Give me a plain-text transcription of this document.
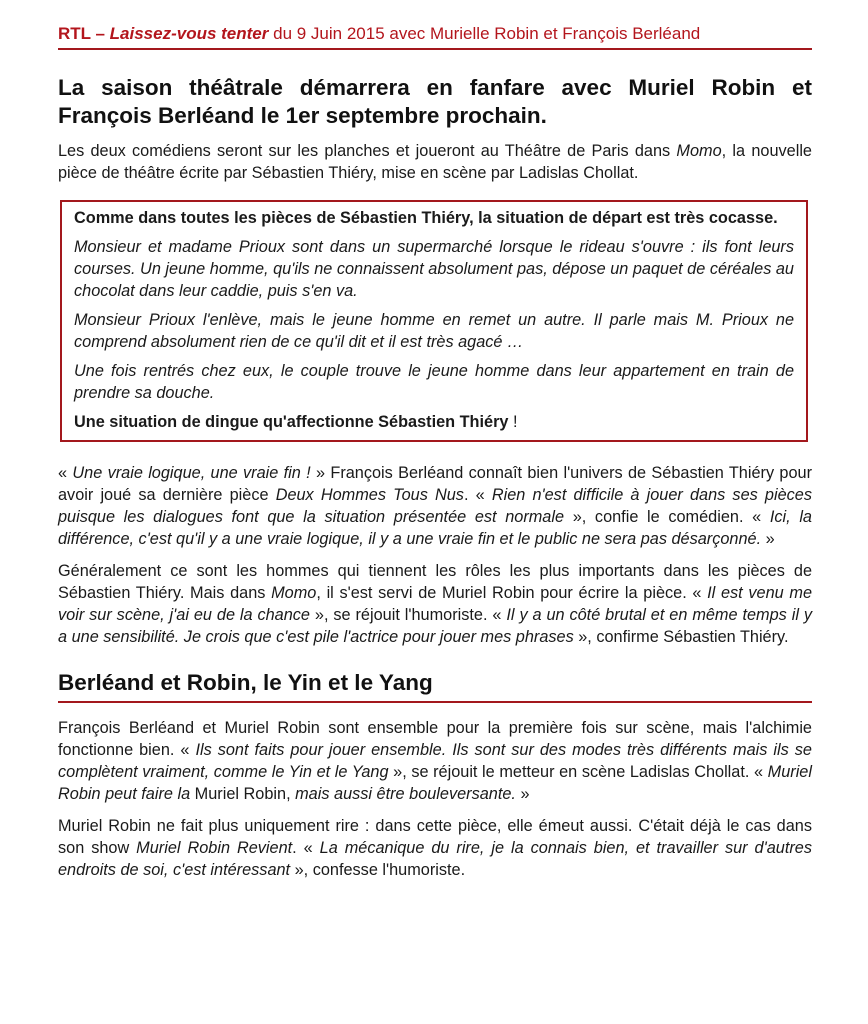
RTL – Laissez-vous tenter du 9 Juin 2015 avec Murielle Robin et François Berléand
La saison théâtrale démarrera en fanfare avec Muriel Robin et François Berléand le 1er septembre prochain.

Les deux comédiens seront sur les planches et joueront au Théâtre de Paris dans Momo, la nouvelle pièce de théâtre écrite par Sébastien Thiéry, mise en scène par Ladislas Chollat.

Comme dans toutes les pièces de Sébastien Thiéry, la situation de départ est très cocasse.

Monsieur et madame Prioux sont dans un supermarché lorsque le rideau s'ouvre : ils font leurs courses. Un jeune homme, qu'ils ne connaissent absolument pas, dépose un paquet de céréales au chocolat dans leur caddie, puis s'en va.

Monsieur Prioux l'enlève, mais le jeune homme en remet un autre. Il parle mais M. Prioux ne comprend absolument rien de ce qu'il dit et il est très agacé …

Une fois rentrés chez eux, le couple trouve le jeune homme dans leur appartement en train de prendre sa douche.

Une situation de dingue qu'affectionne Sébastien Thiéry !

« Une vraie logique, une vraie fin ! » François Berléand connaît bien l'univers de Sébastien Thiéry pour avoir joué sa dernière pièce Deux Hommes Tous Nus. « Rien n'est difficile à jouer dans ses pièces puisque les dialogues font que la situation présentée est normale », confie le comédien. « Ici, la différence, c'est qu'il y a une vraie logique, il y a une vraie fin et le public ne sera pas désarçonné. »

Généralement ce sont les hommes qui tiennent les rôles les plus importants dans les pièces de Sébastien Thiéry. Mais dans Momo, il s'est servi de Muriel Robin pour écrire la pièce. « Il est venu me voir sur scène, j'ai eu de la chance », se réjouit l'humoriste. « Il y a un côté brutal et en même temps il y a une sensibilité. Je crois que c'est pile l'actrice pour jouer mes phrases », confirme Sébastien Thiéry.

Berléand et Robin, le Yin et le Yang

François Berléand et Muriel Robin sont ensemble pour la première fois sur scène, mais l'alchimie fonctionne bien. « Ils sont faits pour jouer ensemble. Ils sont sur des modes très différents mais ils se complètent vraiment, comme le Yin et le Yang », se réjouit le metteur en scène Ladislas Chollat. « Muriel Robin peut faire la Muriel Robin, mais aussi être bouleversante. »

Muriel Robin ne fait plus uniquement rire : dans cette pièce, elle émeut aussi. C'était déjà le cas dans son show Muriel Robin Revient. « La mécanique du rire, je la connais bien, et travailler sur d'autres endroits de soi, c'est intéressant », confesse l'humoriste.
